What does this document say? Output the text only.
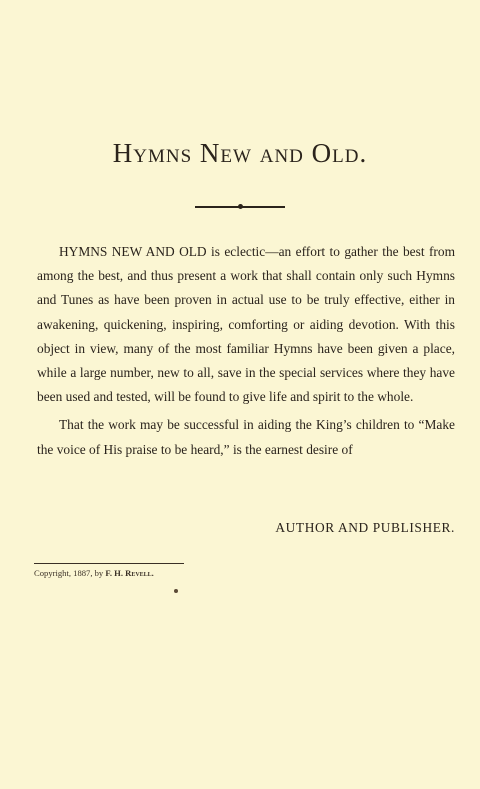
Hymns New and Old.

HYMNS NEW AND OLD is eclectic—an effort to gather the best from among the best, and thus present a work that shall contain only such Hymns and Tunes as have been proven in actual use to be truly effective, either in awakening, quickening, inspiring, comforting or aiding devotion. With this object in view, many of the most familiar Hymns have been given a place, while a large number, new to all, save in the special services where they have been used and tested, will be found to give life and spirit to the whole.

That the work may be successful in aiding the King’s children to “Make the voice of His praise to be heard,” is the earnest desire of

AUTHOR AND PUBLISHER.
Copyright, 1887, by F. H. Revell.
